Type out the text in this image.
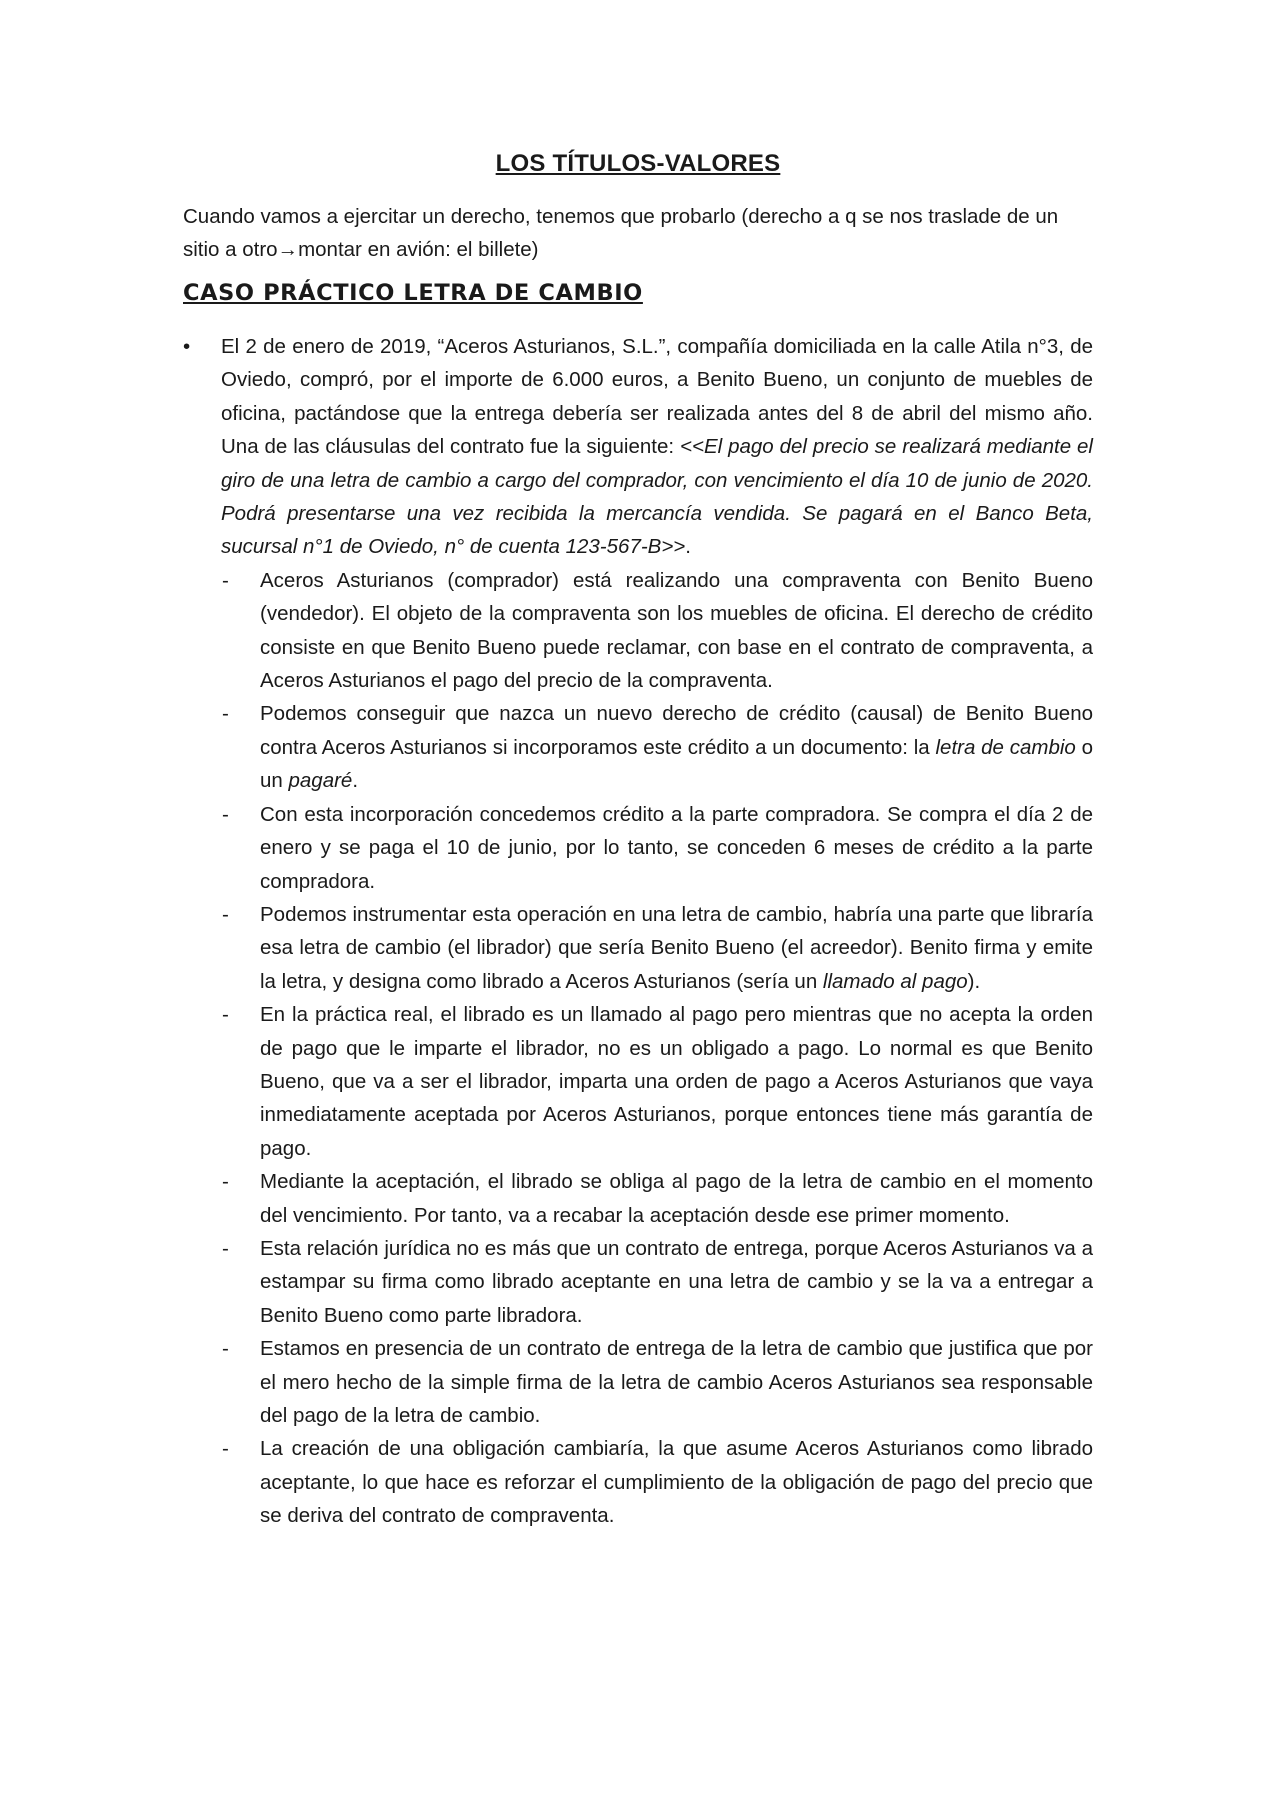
LOS TÍTULOS-VALORES

Cuando vamos a ejercitar un derecho, tenemos que probarlo (derecho a q se nos traslade de un sitio a otro→montar en avión: el billete)

CASO PRÁCTICO LETRA DE CAMBIO
• El 2 de enero de 2019, “Aceros Asturianos, S.L.”, compañía domiciliada en la calle Atila n°3, de Oviedo, compró, por el importe de 6.000 euros, a Benito Bueno, un conjunto de muebles de oficina, pactándose que la entrega debería ser realizada antes del 8 de abril del mismo año. Una de las cláusulas del contrato fue la siguiente: <<El pago del precio se realizará mediante el giro de una letra de cambio a cargo del comprador, con vencimiento el día 10 de junio de 2020. Podrá presentarse una vez recibida la mercancía vendida. Se pagará en el Banco Beta, sucursal n°1 de Oviedo, n° de cuenta 123-567-B>>.

- Aceros Asturianos (comprador) está realizando una compraventa con Benito Bueno (vendedor). El objeto de la compraventa son los muebles de oficina. El derecho de crédito consiste en que Benito Bueno puede reclamar, con base en el contrato de compraventa, a Aceros Asturianos el pago del precio de la compraventa.
- Podemos conseguir que nazca un nuevo derecho de crédito (causal) de Benito Bueno contra Aceros Asturianos si incorporamos este crédito a un documento: la letra de cambio o un pagaré.
- Con esta incorporación concedemos crédito a la parte compradora. Se compra el día 2 de enero y se paga el 10 de junio, por lo tanto, se conceden 6 meses de crédito a la parte compradora.
- Podemos instrumentar esta operación en una letra de cambio, habría una parte que libraría esa letra de cambio (el librador) que sería Benito Bueno (el acreedor). Benito firma y emite la letra, y designa como librado a Aceros Asturianos (sería un llamado al pago).
- En la práctica real, el librado es un llamado al pago pero mientras que no acepta la orden de pago que le imparte el librador, no es un obligado a pago. Lo normal es que Benito Bueno, que va a ser el librador, imparta una orden de pago a Aceros Asturianos que vaya inmediatamente aceptada por Aceros Asturianos, porque entonces tiene más garantía de pago.
- Mediante la aceptación, el librado se obliga al pago de la letra de cambio en el momento del vencimiento. Por tanto, va a recabar la aceptación desde ese primer momento.
- Esta relación jurídica no es más que un contrato de entrega, porque Aceros Asturianos va a estampar su firma como librado aceptante en una letra de cambio y se la va a entregar a Benito Bueno como parte libradora.
- Estamos en presencia de un contrato de entrega de la letra de cambio que justifica que por el mero hecho de la simple firma de la letra de cambio Aceros Asturianos sea responsable del pago de la letra de cambio.
- La creación de una obligación cambiaría, la que asume Aceros Asturianos como librado aceptante, lo que hace es reforzar el cumplimiento de la obligación de pago del precio que se deriva del contrato de compraventa.
